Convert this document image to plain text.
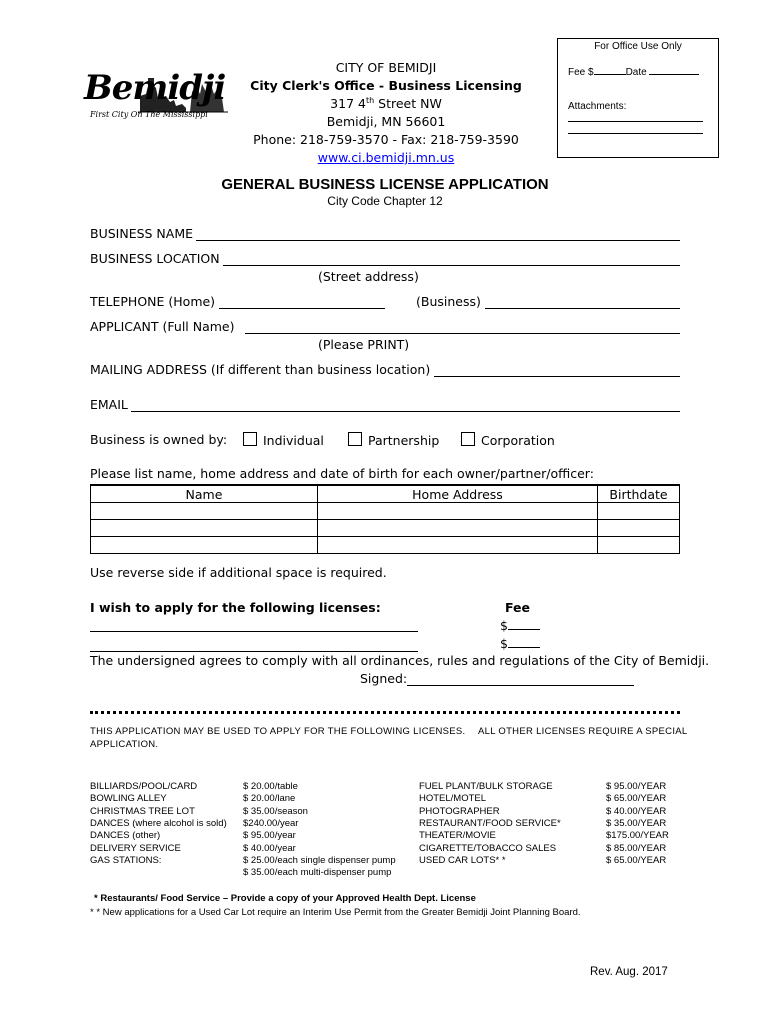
For Office Use Only
Fee $	Date
Attachments:
Bemidji
First City On The Mississippi
CITY OF BEMIDJI
City Clerk's Office - Business Licensing
317 4th Street NW
Bemidji, MN 56601
Phone: 218-759-3570 - Fax: 218-759-3590
www.ci.bemidji.mn.us
GENERAL BUSINESS LICENSE APPLICATION
City Code Chapter 12
BUSINESS NAME
BUSINESS LOCATION
(Street address)
TELEPHONE (Home)	(Business)
APPLICANT (Full Name)
(Please PRINT)
MAILING ADDRESS (If different than business location)
EMAIL
Business is owned by:	Individual	Partnership	Corporation
Please list name, home address and date of birth for each owner/partner/officer:
Name	Home Address	Birthdate

Use reverse side if additional space is required.
I wish to apply for the following licenses:	Fee
$
$
The undersigned agrees to comply with all ordinances, rules and regulations of the City of Bemidji.
Signed:
THIS APPLICATION MAY BE USED TO APPLY FOR THE FOLLOWING LICENSES. ALL OTHER LICENSES REQUIRE A SPECIAL
APPLICATION.
BILLIARDS/POOL/CARD	$ 20.00/table
BOWLING ALLEY	$ 20.00/lane
CHRISTMAS TREE LOT	$ 35.00/season
DANCES (where alcohol is sold) $240.00/year
DANCES (other)	$ 95.00/year
DELIVERY SERVICE	$ 40.00/year
GAS STATIONS:	$ 25.00/each single dispenser pump
$ 35.00/each multi-dispenser pump
FUEL PLANT/BULK STORAGE	$ 95.00/YEAR
HOTEL/MOTEL	$ 65.00/YEAR
PHOTOGRAPHER	$ 40.00/YEAR
RESTAURANT/FOOD SERVICE*	$ 35.00/YEAR
THEATER/MOVIE	$175.00/YEAR
CIGARETTE/TOBACCO SALES	$ 85.00/YEAR
USED CAR LOTS* *	$ 65.00/YEAR
* Restaurants/ Food Service – Provide a copy of your Approved Health Dept. License
* * New applications for a Used Car Lot require an Interim Use Permit from the Greater Bemidji Joint Planning Board.
Rev. Aug. 2017
